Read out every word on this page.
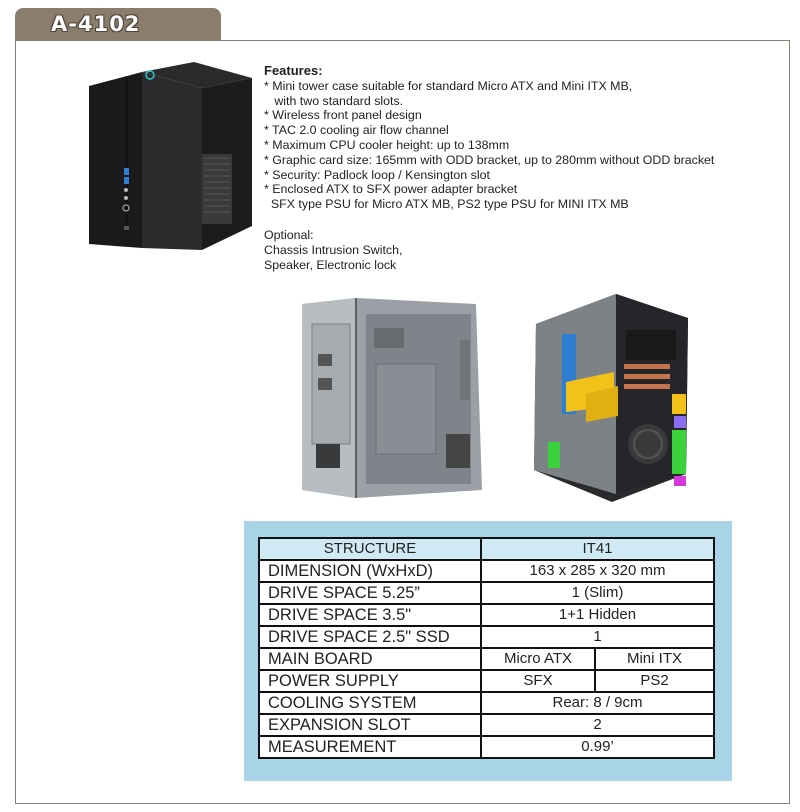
A-4102
Features:
* Mini tower case suitable for standard Micro ATX and Mini ITX MB,
with two standard slots.
* Wireless front panel design
* TAC 2.0 cooling air flow channel
* Maximum CPU cooler height: up to 138mm
* Graphic card size: 165mm with ODD bracket, up to 280mm without ODD bracket
* Security: Padlock loop / Kensington slot
* Enclosed ATX to SFX power adapter bracket
SFX type PSU for Micro ATX MB, PS2 type PSU for MINI ITX MB
Optional:
Chassis Intrusion Switch,
Speaker, Electronic lock
STRUCTURE	IT41	
DIMENSION (WxHxD)	163 x 285 x 320 mm	
DRIVE SPACE 5.25”	1 (Slim)	
DRIVE SPACE 3.5"	1+1 Hidden	
DRIVE SPACE 2.5" SSD	1	
MAIN BOARD	Micro ATX	Mini ITX
POWER SUPPLY	SFX	PS2
COOLING SYSTEM	Rear: 8 / 9cm	
EXPANSION SLOT	2	
MEASUREMENT	0.99’	
